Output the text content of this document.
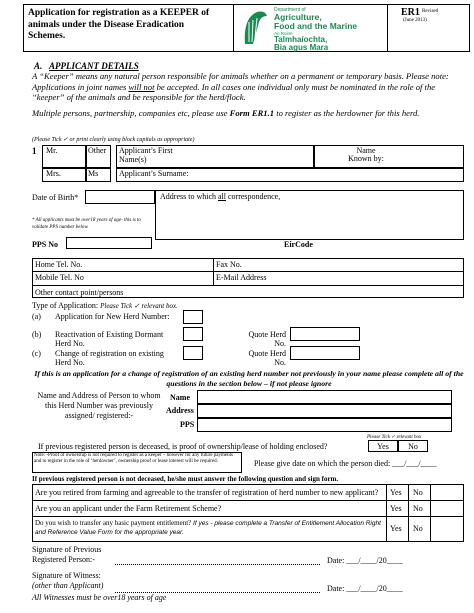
Application for registration as a KEEPER of animals under the Disease Eradication Schemes.
Department of
Agriculture,
Food and the Marine
An Roinn
Talmhaíochta,
Bia agus Mara
ER1 Revised
(June 2013)
A. APPLICANT DETAILS
A “Keeper” means any natural person responsible for animals whether on a permanent or temporary basis. Please note: Applications in joint names will not be accepted. In all cases one individual only must be nominated in the role of the “keeper” of the animals and be responsible for the herd/flock.
Multiple persons, partnership, companies etc, please use Form ER1.1 to register as the herdowner for this herd.
(Please Tick ✓ or print clearly using block capitals as appropriate)
1 Mr.	Other Applicant’s First Name(s)
Name Known by:
Mrs.	Ms	Applicant’s Surname:
Date of Birth*	Address to which all correspondence,
* All applicants must be over18 years of age- this is to validate PPS number below.
PPS No	EirCode
Home Tel. No.	Fax No.
Mobile Tel. No	E-Mail Address
Other contact point/persons
Type of Application: Please Tick ✓ relevant box.
(a) Application for New Herd Number:
(b) Reactivation of Existing Dormant Herd No.
Quote Herd No.
(c) Change of registration on existing Herd No.
Quote Herd No.
If this is an application for a change of registration of an existing herd number not previously in your name please complete all of the questions in the section below – if not please ignore
Name and Address of Person to whom this Herd Number was previously assigned/ registered:-
Name
Address
PPS
Please Tick ✓ relevant box
If previous registered person is deceased, is proof of ownership/lease of holding enclosed?	Yes	No
Note: -Proof of ownership is not required to register as a keeper – however for any future payments and to register in the role of ‘herdowner’, ownership proof or lease interest will be required.	Please give date on which the person died: ___/___/____
If previous registered person is not deceased, he/she must answer the following question and sign form.
Are you retired from farming and agreeable to the transfer of registration of herd number to new applicant? Yes No
Are you an applicant under the Farm Retirement Scheme?	Yes No
Do you wish to transfer any basic payment entitlement? If yes - please complete a Transfer of Entitlement Allocation Right and Reference Value Form for the appropriate year.	Yes No
Signature of Previous Registered Person:-	Date: ___/____/20____
Signature of Witness:
(other than Applicant)	Date: ___/____/20____
All Witnesses must be over18 years of age
